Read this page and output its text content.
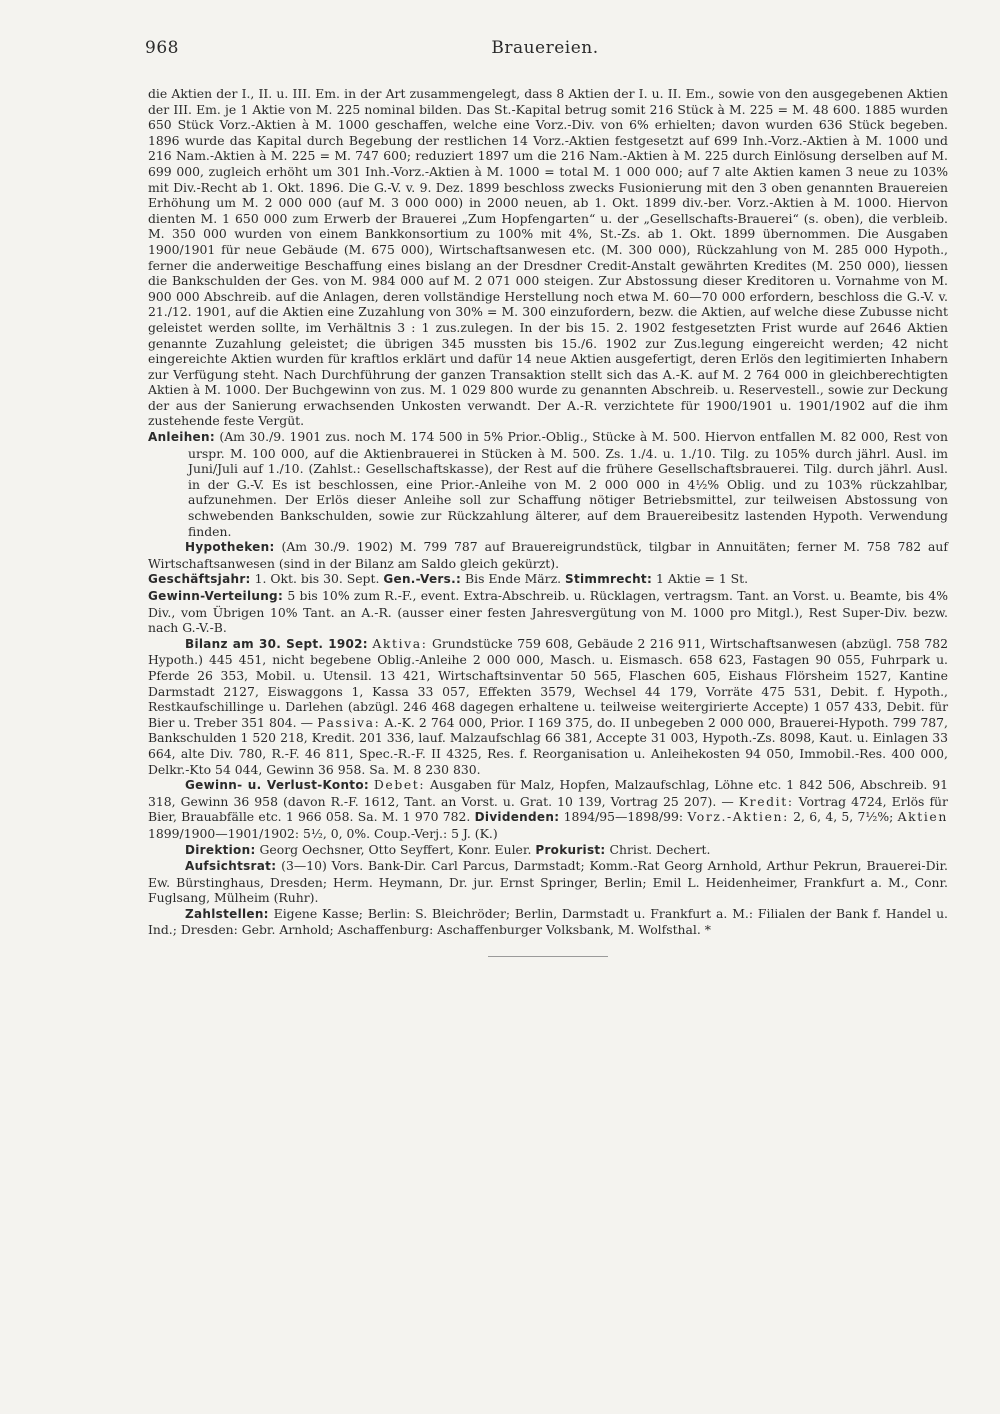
968	Brauereien.

die Aktien der I., II. u. III. Em. in der Art zusammengelegt, dass 8 Aktien der I. u. II. Em., sowie von den ausgegebenen Aktien der III. Em. je 1 Aktie von M. 225 nominal bilden. Das St.-Kapital betrug somit 216 Stück à M. 225 = M. 48 600. 1885 wurden 650 Stück Vorz.-Aktien à M. 1000 geschaffen, welche eine Vorz.-Div. von 6% erhielten; davon wurden 636 Stück begeben. 1896 wurde das Kapital durch Begebung der restlichen 14 Vorz.-Aktien festgesetzt auf 699 Inh.-Vorz.-Aktien à M. 1000 und 216 Nam.-Aktien à M. 225 = M. 747 600; reduziert 1897 um die 216 Nam.-Aktien à M. 225 durch Einlösung derselben auf M. 699 000, zugleich erhöht um 301 Inh.-Vorz.-Aktien à M. 1000 = total M. 1 000 000; auf 7 alte Aktien kamen 3 neue zu 103% mit Div.-Recht ab 1. Okt. 1896. Die G.-V. v. 9. Dez. 1899 beschloss zwecks Fusionierung mit den 3 oben genannten Brauereien Erhöhung um M. 2 000 000 (auf M. 3 000 000) in 2000 neuen, ab 1. Okt. 1899 div.-ber. Vorz.-Aktien à M. 1000. Hiervon dienten M. 1 650 000 zum Erwerb der Brauerei „Zum Hopfengarten“ u. der „Gesellschafts-Brauerei“ (s. oben), die verbleib. M. 350 000 wurden von einem Bankkonsortium zu 100% mit 4%, St.-Zs. ab 1. Okt. 1899 übernommen. Die Ausgaben 1900/1901 für neue Gebäude (M. 675 000), Wirtschaftsanwesen etc. (M. 300 000), Rückzahlung von M. 285 000 Hypoth., ferner die anderweitige Beschaffung eines bislang an der Dresdner Credit-Anstalt gewährten Kredites (M. 250 000), liessen die Bankschulden der Ges. von M. 984 000 auf M. 2 071 000 steigen. Zur Abstossung dieser Kreditoren u. Vornahme von M. 900 000 Abschreib. auf die Anlagen, deren vollständige Herstellung noch etwa M. 60—70 000 erfordern, beschloss die G.-V. v. 21./12. 1901, auf die Aktien eine Zuzahlung von 30% = M. 300 einzufordern, bezw. die Aktien, auf welche diese Zubusse nicht geleistet werden sollte, im Verhältnis 3 : 1 zus.zulegen. In der bis 15. 2. 1902 festgesetzten Frist wurde auf 2646 Aktien genannte Zuzahlung geleistet; die übrigen 345 mussten bis 15./6. 1902 zur Zus.legung eingereicht werden; 42 nicht eingereichte Aktien wurden für kraftlos erklärt und dafür 14 neue Aktien ausgefertigt, deren Erlös den legitimierten Inhabern zur Verfügung steht. Nach Durchführung der ganzen Transaktion stellt sich das A.-K. auf M. 2 764 000 in gleichberechtigten Aktien à M. 1000. Der Buchgewinn von zus. M. 1 029 800 wurde zu genannten Abschreib. u. Reservestell., sowie zur Deckung der aus der Sanierung erwachsenden Unkosten verwandt. Der A.-R. verzichtete für 1900/1901 u. 1901/1902 auf die ihm zustehende feste Vergüt.

Anleihen: (Am 30./9. 1901 zus. noch M. 174 500 in 5% Prior.-Oblig., Stücke à M. 500. Hiervon entfallen M. 82 000, Rest von urspr. M. 100 000, auf die Aktienbrauerei in Stücken à M. 500. Zs. 1./4. u. 1./10. Tilg. zu 105% durch jährl. Ausl. im Juni/Juli auf 1./10. (Zahlst.: Gesellschaftskasse), der Rest auf die frühere Gesellschaftsbrauerei. Tilg. durch jährl. Ausl. in der G.-V. Es ist beschlossen, eine Prior.-Anleihe von M. 2 000 000 in 4½% Oblig. und zu 103% rückzahlbar, aufzunehmen. Der Erlös dieser Anleihe soll zur Schaffung nötiger Betriebsmittel, zur teilweisen Abstossung von schwebenden Bankschulden, sowie zur Rückzahlung älterer, auf dem Brauereibesitz lastenden Hypoth. Verwendung finden.

Hypotheken: (Am 30./9. 1902) M. 799 787 auf Brauereigrundstück, tilgbar in Annuitäten; ferner M. 758 782 auf Wirtschaftsanwesen (sind in der Bilanz am Saldo gleich gekürzt).

Geschäftsjahr: 1. Okt. bis 30. Sept. Gen.-Vers.: Bis Ende März. Stimmrecht: 1 Aktie = 1 St.

Gewinn-Verteilung: 5 bis 10% zum R.-F., event. Extra-Abschreib. u. Rücklagen, vertragsm. Tant. an Vorst. u. Beamte, bis 4% Div., vom Übrigen 10% Tant. an A.-R. (ausser einer festen Jahresvergütung von M. 1000 pro Mitgl.), Rest Super-Div. bezw. nach G.-V.-B.

Bilanz am 30. Sept. 1902: Aktiva: Grundstücke 759 608, Gebäude 2 216 911, Wirtschaftsanwesen (abzügl. 758 782 Hypoth.) 445 451, nicht begebene Oblig.-Anleihe 2 000 000, Masch. u. Eismasch. 658 623, Fastagen 90 055, Fuhrpark u. Pferde 26 353, Mobil. u. Utensil. 13 421, Wirtschaftsinventar 50 565, Flaschen 605, Eishaus Flörsheim 1527, Kantine Darmstadt 2127, Eiswaggons 1, Kassa 33 057, Effekten 3579, Wechsel 44 179, Vorräte 475 531, Debit. f. Hypoth., Restkaufschillinge u. Darlehen (abzügl. 246 468 dagegen erhaltene u. teilweise weitergirierte Accepte) 1 057 433, Debit. für Bier u. Treber 351 804. — Passiva: A.-K. 2 764 000, Prior. I 169 375, do. II unbegeben 2 000 000, Brauerei-Hypoth. 799 787, Bankschulden 1 520 218, Kredit. 201 336, lauf. Malzaufschlag 66 381, Accepte 31 003, Hypoth.-Zs. 8098, Kaut. u. Einlagen 33 664, alte Div. 780, R.-F. 46 811, Spec.-R.-F. II 4325, Res. f. Reorganisation u. Anleihekosten 94 050, Immobil.-Res. 400 000, Delkr.-Kto 54 044, Gewinn 36 958. Sa. M. 8 230 830.

Gewinn- u. Verlust-Konto: Debet: Ausgaben für Malz, Hopfen, Malzaufschlag, Löhne etc. 1 842 506, Abschreib. 91 318, Gewinn 36 958 (davon R.-F. 1612, Tant. an Vorst. u. Grat. 10 139, Vortrag 25 207). — Kredit: Vortrag 4724, Erlös für Bier, Brauabfälle etc. 1 966 058. Sa. M. 1 970 782. Dividenden: 1894/95—1898/99: Vorz.-Aktien: 2, 6, 4, 5, 7½%; Aktien 1899/1900—1901/1902: 5½, 0, 0%. Coup.-Verj.: 5 J. (K.)

Direktion: Georg Oechsner, Otto Seyffert, Konr. Euler. Prokurist: Christ. Dechert.

Aufsichtsrat: (3—10) Vors. Bank-Dir. Carl Parcus, Darmstadt; Komm.-Rat Georg Arnhold, Arthur Pekrun, Brauerei-Dir. Ew. Bürstinghaus, Dresden; Herm. Heymann, Dr. jur. Ernst Springer, Berlin; Emil L. Heidenheimer, Frankfurt a. M., Conr. Fuglsang, Mülheim (Ruhr).

Zahlstellen: Eigene Kasse; Berlin: S. Bleichröder; Berlin, Darmstadt u. Frankfurt a. M.: Filialen der Bank f. Handel u. Ind.; Dresden: Gebr. Arnhold; Aschaffenburg: Aschaffenburger Volksbank, M. Wolfsthal. *
